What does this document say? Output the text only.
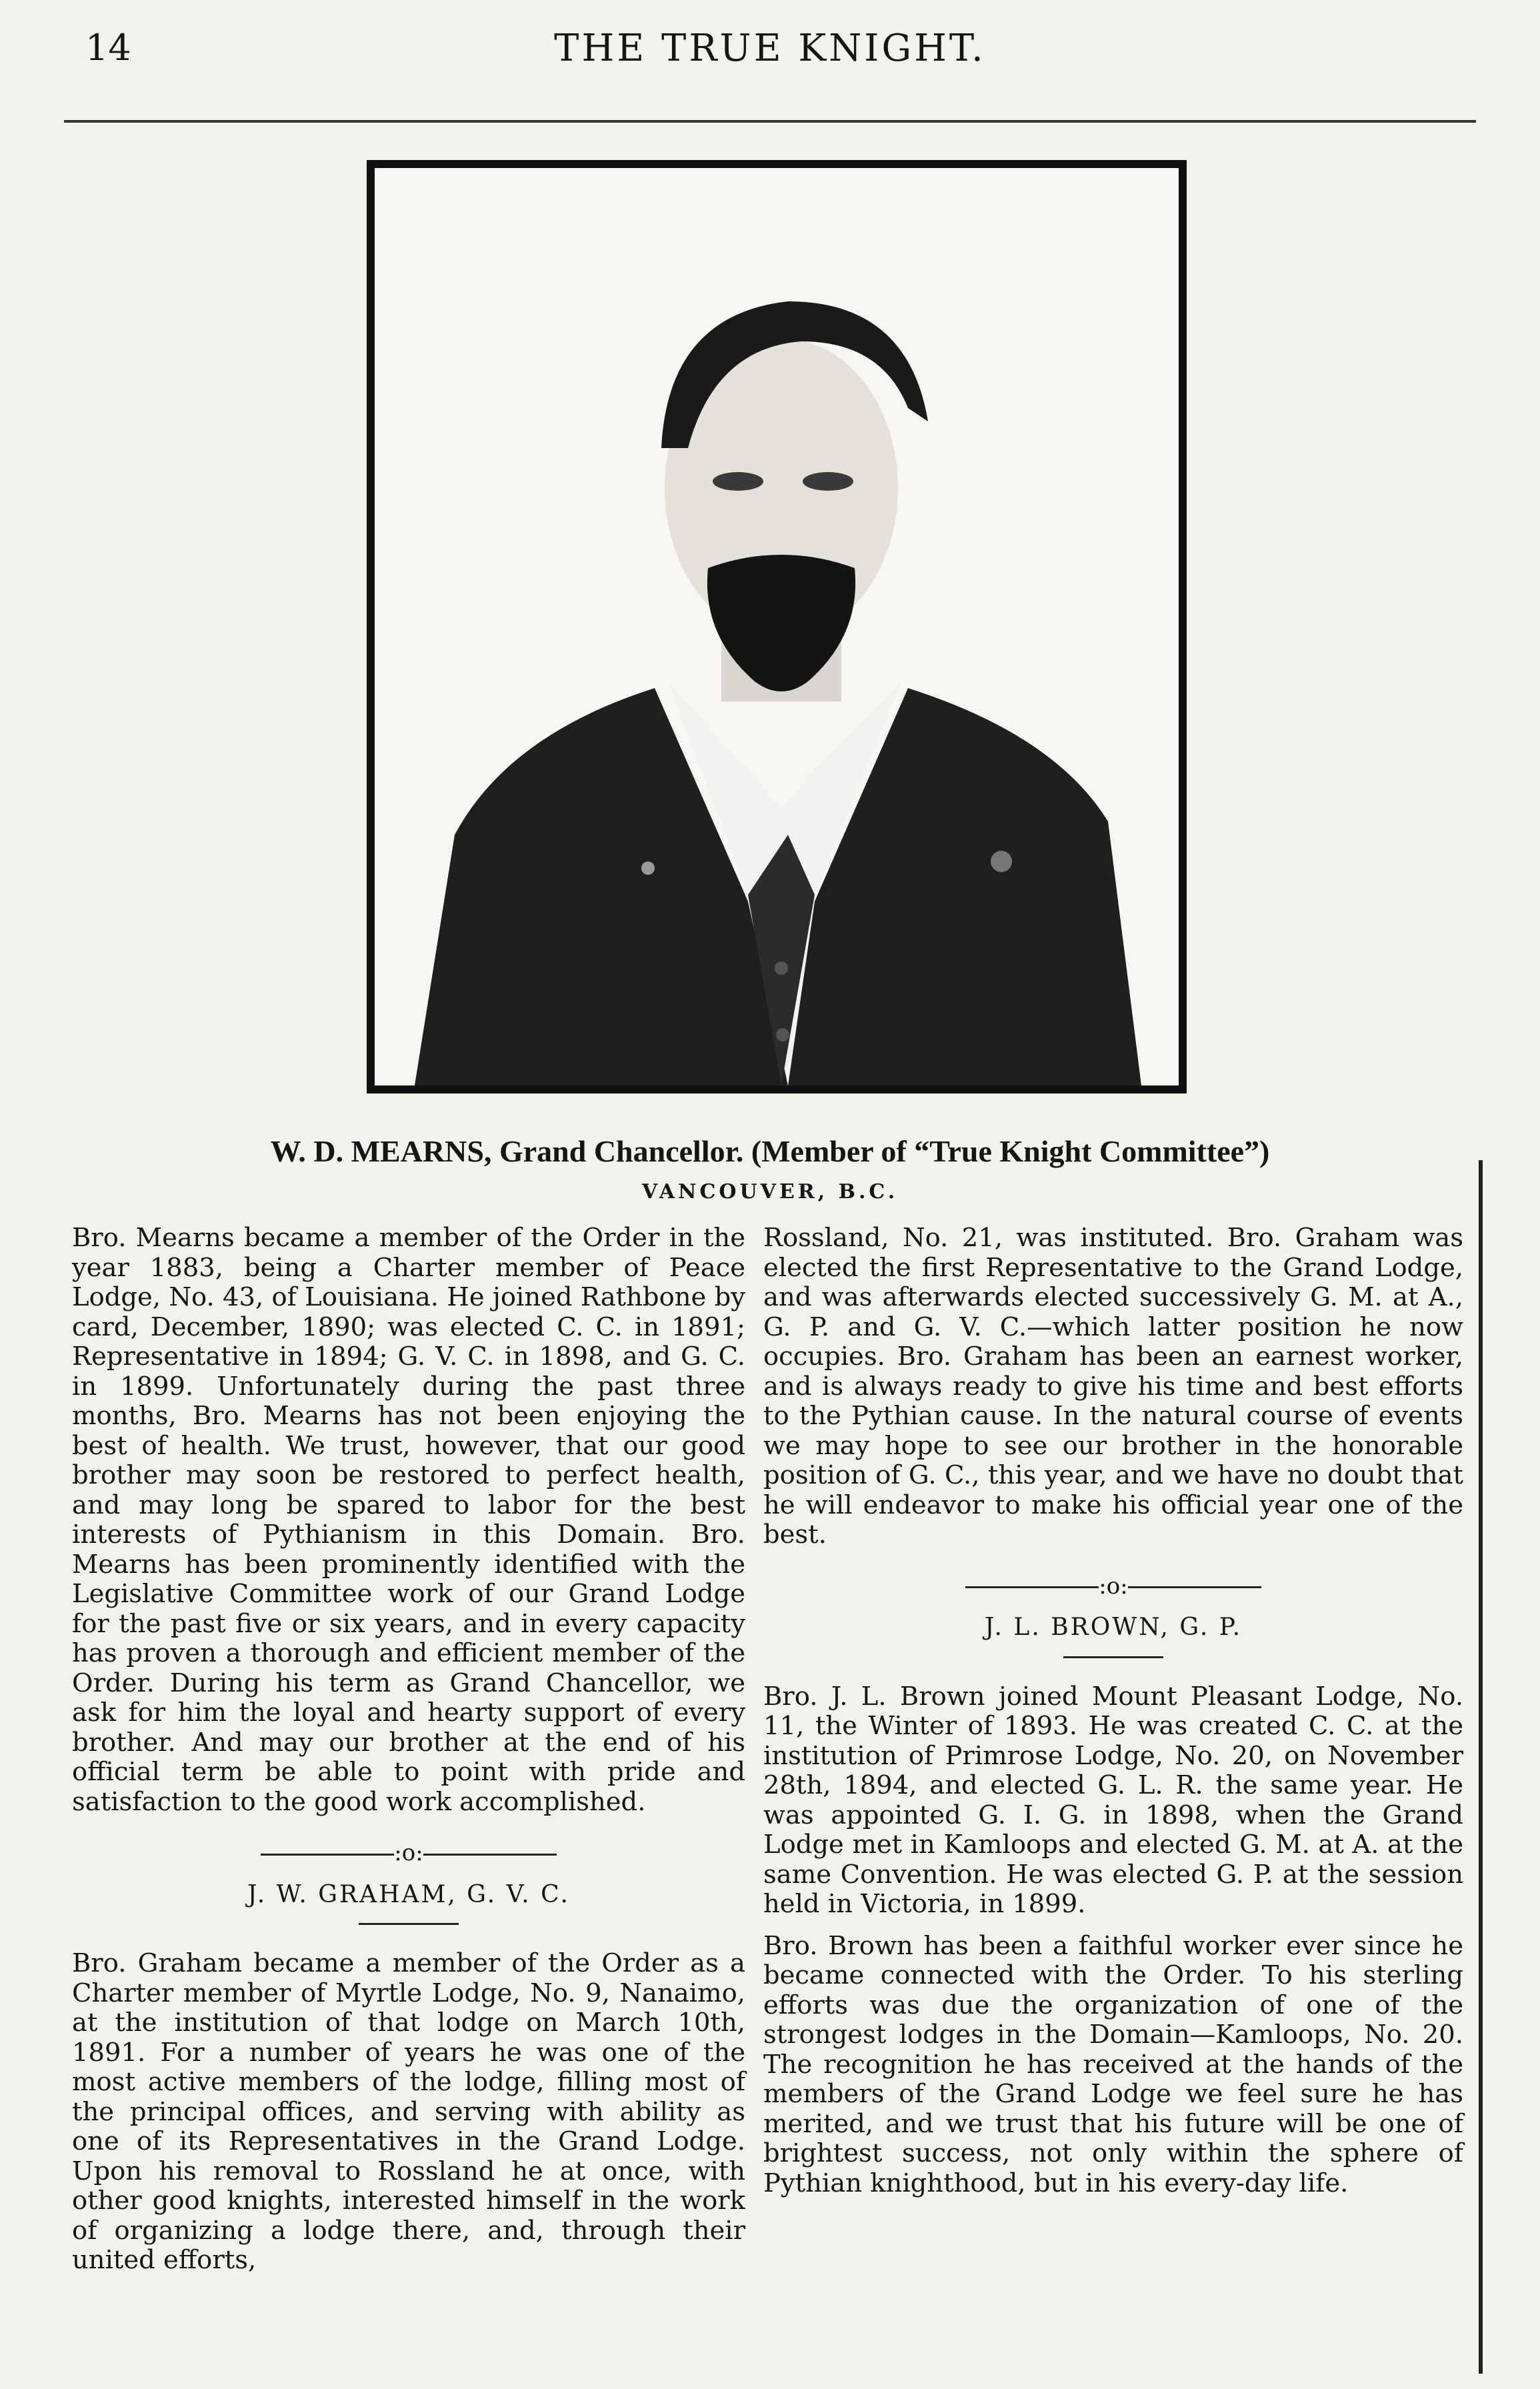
14	THE TRUE KNIGHT.
W. D. MEARNS, Grand Chancellor. (Member of “True Knight Committee”)
VANCOUVER, B.C.

Bro. Mearns became a member of the Order in the year 1883, being a Charter member of Peace Lodge, No. 43, of Louisiana. He joined Rathbone by card, December, 1890; was elected C. C. in 1891; Representative in 1894; G. V. C. in 1898, and G. C. in 1899. Unfortunately during the past three months, Bro. Mearns has not been enjoying the best of health. We trust, however, that our good brother may soon be restored to perfect health, and may long be spared to labor for the best interests of Pythianism in this Domain. Bro. Mearns has been prominently identified with the Legislative Committee work of our Grand Lodge for the past five or six years, and in every capacity has proven a thorough and efficient member of the Order. During his term as Grand Chancellor, we ask for him the loyal and hearty support of every brother. And may our brother at the end of his official term be able to point with pride and satisfaction to the good work accomplished.

:o:
J. W. GRAHAM, G. V. C.

Bro. Graham became a member of the Order as a Charter member of Myrtle Lodge, No. 9, Nanaimo, at the institution of that lodge on March 10th, 1891. For a number of years he was one of the most active members of the lodge, filling most of the principal offices, and serving with ability as one of its Representatives in the Grand Lodge. Upon his removal to Rossland he at once, with other good knights, interested himself in the work of organizing a lodge there, and, through their united efforts,

Rossland, No. 21, was instituted. Bro. Graham was elected the first Representative to the Grand Lodge, and was afterwards elected successively G. M. at A., G. P. and G. V. C.—which latter position he now occupies. Bro. Graham has been an earnest worker, and is always ready to give his time and best efforts to the Pythian cause. In the natural course of events we may hope to see our brother in the honorable position of G. C., this year, and we have no doubt that he will endeavor to make his official year one of the best.

:o:
J. L. BROWN, G. P.

Bro. J. L. Brown joined Mount Pleasant Lodge, No. 11, the Winter of 1893. He was created C. C. at the institution of Primrose Lodge, No. 20, on November 28th, 1894, and elected G. L. R. the same year. He was appointed G. I. G. in 1898, when the Grand Lodge met in Kamloops and elected G. M. at A. at the same Convention. He was elected G. P. at the session held in Victoria, in 1899.

Bro. Brown has been a faithful worker ever since he became connected with the Order. To his sterling efforts was due the organization of one of the strongest lodges in the Domain—Kamloops, No. 20. The recognition he has received at the hands of the members of the Grand Lodge we feel sure he has merited, and we trust that his future will be one of brightest success, not only within the sphere of Pythian knighthood, but in his every-day life.
